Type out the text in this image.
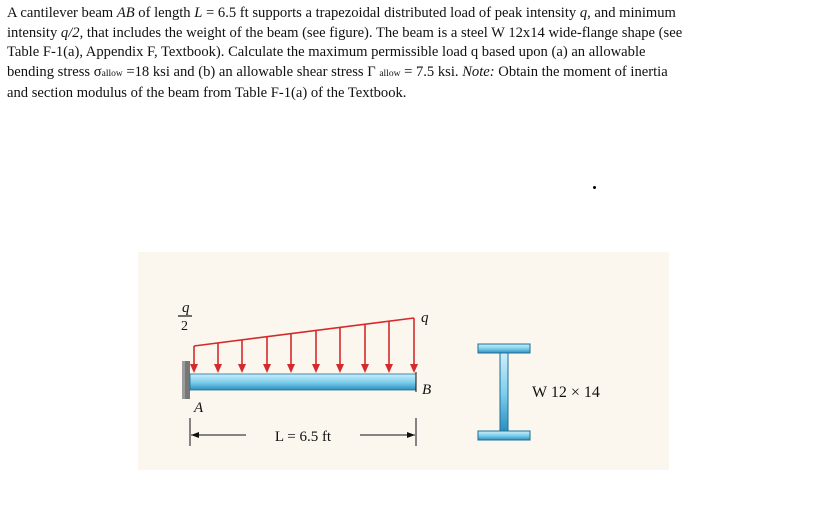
A cantilever beam AB of length L = 6.5 ft supports a trapezoidal distributed load of peak intensity q, and minimum
intensity q/2, that includes the weight of the beam (see figure). The beam is a steel W 12x14 wide-flange shape (see
Table F-1(a), Appendix F, Textbook). Calculate the maximum permissible load q based upon (a) an allowable
bending stress σallow =18 ksi and (b) an allowable shear stress Γ allow = 7.5 ksi. Note: Obtain the moment of inertia
and section modulus of the beam from Table F-1(a) of the Textbook.
q
2
q
A
B
L = 6.5 ft
W 12 × 14
